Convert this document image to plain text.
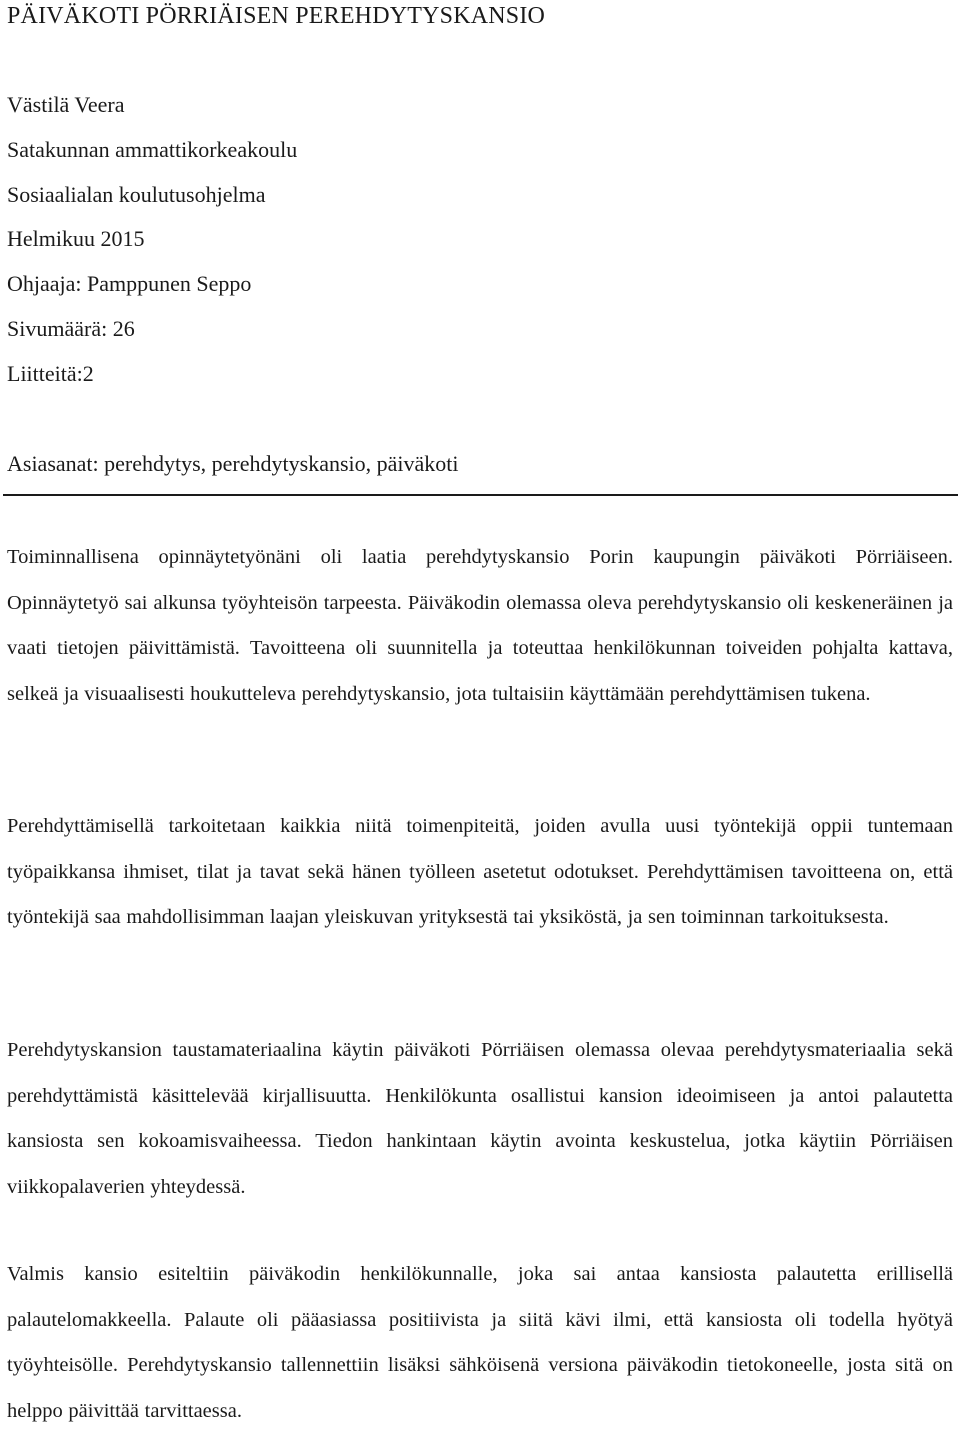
PÄIVÄKOTI PÖRRIÄISEN PEREHDYTYSKANSIO
Västilä Veera
Satakunnan ammattikorkeakoulu
Sosiaalialan koulutusohjelma
Helmikuu 2015
Ohjaaja: Pamppunen Seppo
Sivumäärä: 26
Liitteitä:2
Asiasanat: perehdytys, perehdytyskansio, päiväkoti

Toiminnallisena opinnäytetyönäni oli laatia perehdytyskansio Porin kaupungin päiväkoti Pörriäiseen. Opinnäytetyö sai alkunsa työyhteisön tarpeesta. Päiväkodin olemassa oleva perehdytyskansio oli keskeneräinen ja vaati tietojen päivittämistä. Tavoitteena oli suunnitella ja toteuttaa henkilökunnan toiveiden pohjalta kattava, selkeä ja visuaalisesti houkutteleva perehdytyskansio, jota tultaisiin käyttämään perehdyttämisen tukena.

Perehdyttämisellä tarkoitetaan kaikkia niitä toimenpiteitä, joiden avulla uusi työntekijä oppii tuntemaan työpaikkansa ihmiset, tilat ja tavat sekä hänen työlleen asetetut odotukset. Perehdyttämisen tavoitteena on, että työntekijä saa mahdollisimman laajan yleiskuvan yrityksestä tai yksiköstä, ja sen toiminnan tarkoituksesta.

Perehdytyskansion taustamateriaalina käytin päiväkoti Pörriäisen olemassa olevaa perehdytysmateriaalia sekä perehdyttämistä käsittelevää kirjallisuutta. Henkilökunta osallistui kansion ideoimiseen ja antoi palautetta kansiosta sen kokoamisvaiheessa. Tiedon hankintaan käytin avointa keskustelua, jotka käytiin Pörriäisen viikkopalaverien yhteydessä.

Valmis kansio esiteltiin päiväkodin henkilökunnalle, joka sai antaa kansiosta palautetta erillisellä palautelomakkeella. Palaute oli pääasiassa positiivista ja siitä kävi ilmi, että kansiosta oli todella hyötyä työyhteisölle. Perehdytyskansio tallennettiin lisäksi sähköisenä versiona päiväkodin tietokoneelle, josta sitä on helppo päivittää tarvittaessa.
